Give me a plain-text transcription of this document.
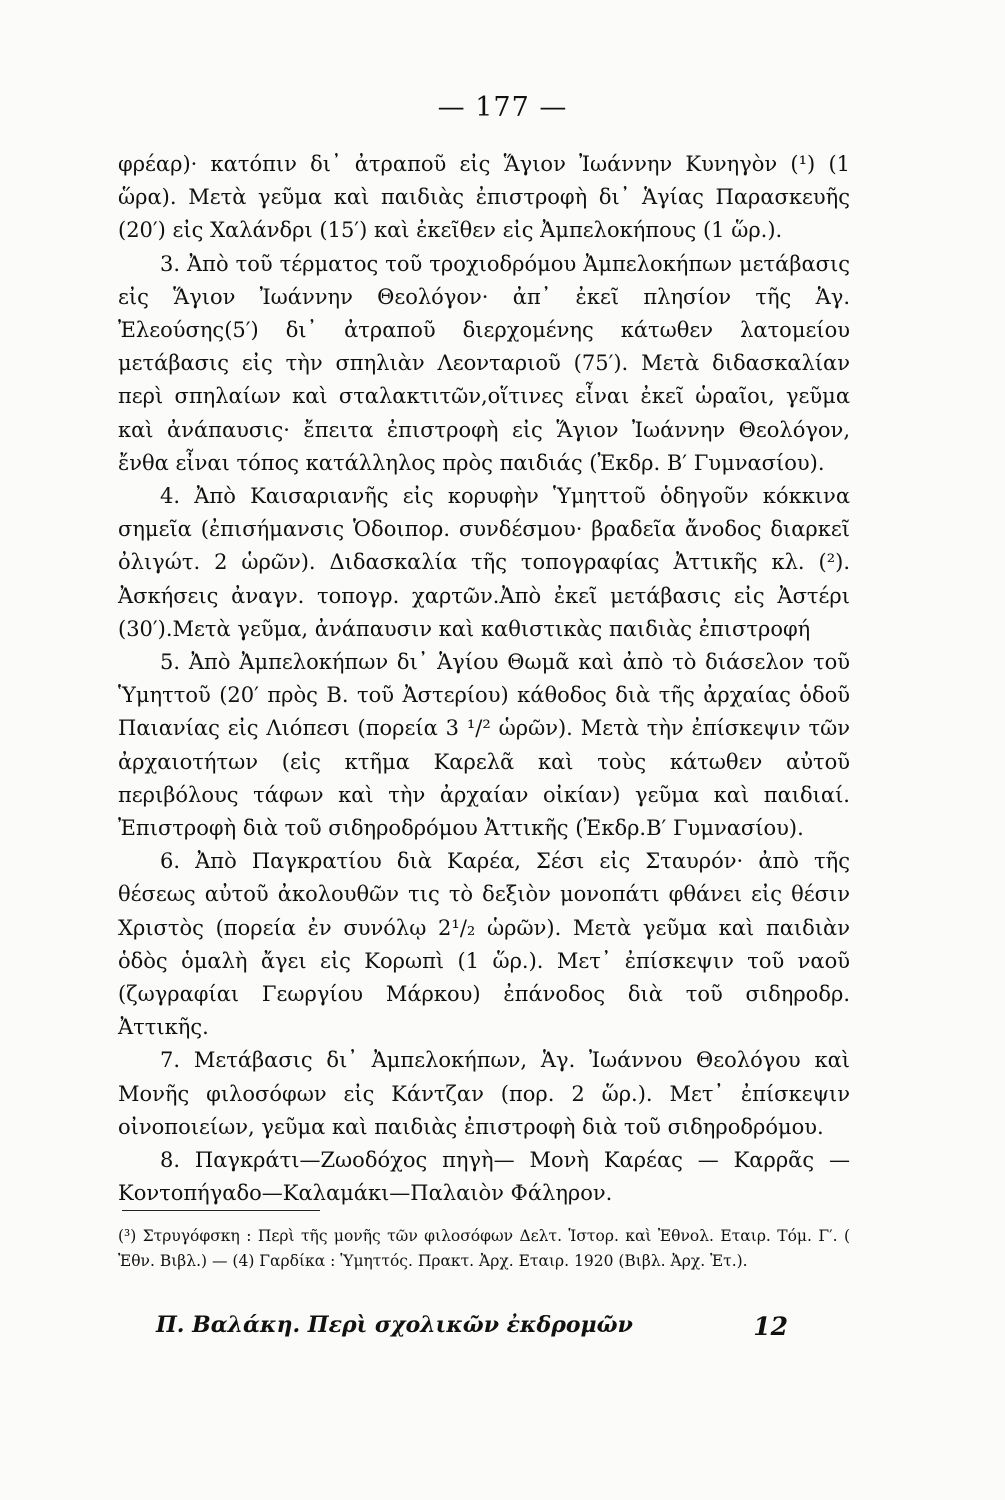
— 177 —

φρέαρ)· κατόπιν δι᾽ ἀτραποῦ εἰς Ἅγιον Ἰωάννην Κυνηγὸν (¹) (1 ὥρα). Μετὰ γεῦμα καὶ παιδιὰς ἐπιστροφὴ δι᾽ Ἁγίας Παρασκευῆς (20′) εἰς Χαλάνδρι (15′) καὶ ἐκεῖθεν εἰς Ἀμπελοκήπους (1 ὥρ.).

3. Ἀπὸ τοῦ τέρματος τοῦ τροχιοδρόμου Ἀμπελοκήπων μετάβασις εἰς Ἅγιον Ἰωάννην Θεολόγον· ἀπ᾽ ἐκεῖ πλησίον τῆς Ἁγ. Ἐλεούσης(5′) δι᾽ ἀτραποῦ διερχομένης κάτωθεν λατομείου μετάβασις εἰς τὴν σπηλιὰν Λεονταριοῦ (75′). Μετὰ διδασκαλίαν περὶ σπηλαίων καὶ σταλακτιτῶν,οἵτινες εἶναι ἐκεῖ ὡραῖοι, γεῦμα καὶ ἀνάπαυσις· ἔπειτα ἐπιστροφὴ εἰς Ἅγιον Ἰωάννην Θεολόγον, ἔνθα εἶναι τόπος κατάλληλος πρὸς παιδιάς (Ἐκδρ. Β′ Γυμνασίου).

4. Ἀπὸ Καισαριανῆς εἰς κορυφὴν Ὑμηττοῦ ὁδηγοῦν κόκκινα σημεῖα (ἐπισήμανσις Ὁδοιπορ. συνδέσμου· βραδεῖα ἄνοδος διαρκεῖ ὀλιγώτ. 2 ὡρῶν). Διδασκαλία τῆς τοπογραφίας Ἀττικῆς κλ. (²). Ἀσκήσεις ἀναγν. τοπογρ. χαρτῶν.Ἀπὸ ἐκεῖ μετάβασις εἰς Ἀστέρι (30′).Μετὰ γεῦμα, ἀνάπαυσιν καὶ καθιστικὰς παιδιὰς ἐπιστροφή

5. Ἀπὸ Ἀμπελοκήπων δι᾽ Ἁγίου Θωμᾶ καὶ ἀπὸ τὸ διάσελον τοῦ Ὑμηττοῦ (20′ πρὸς Β. τοῦ Ἀστερίου) κάθοδος διὰ τῆς ἀρχαίας ὁδοῦ Παιανίας εἰς Λιόπεσι (πορεία 3 ¹/² ὡρῶν). Μετὰ τὴν ἐπίσκεψιν τῶν ἀρχαιοτήτων (εἰς κτῆμα Καρελᾶ καὶ τοὺς κάτωθεν αὐτοῦ περιβόλους τάφων καὶ τὴν ἀρχαίαν οἰκίαν) γεῦμα καὶ παιδιαί. Ἐπιστροφὴ διὰ τοῦ σιδηροδρόμου Ἀττικῆς (Ἐκδρ.Β′ Γυμνασίου).

6. Ἀπὸ Παγκρατίου διὰ Καρέα, Σέσι εἰς Σταυρόν· ἀπὸ τῆς θέσεως αὐτοῦ ἀκολουθῶν τις τὸ δεξιὸν μονοπάτι φθάνει εἰς θέσιν Χριστὸς (πορεία ἐν συνόλῳ 2¹/₂ ὡρῶν). Μετὰ γεῦμα καὶ παιδιὰν ὁδὸς ὁμαλὴ ἄγει εἰς Κορωπὶ (1 ὥρ.). Μετ᾽ ἐπίσκεψιν τοῦ ναοῦ (ζωγραφίαι Γεωργίου Μάρκου) ἐπάνοδος διὰ τοῦ σιδηροδρ. Ἀττικῆς.

7. Μετάβασις δι᾽ Ἀμπελοκήπων, Ἁγ. Ἰωάννου Θεολόγου καὶ Μονῆς φιλοσόφων εἰς Κάντζαν (πορ. 2 ὥρ.). Μετ᾽ ἐπίσκεψιν οἰνοποιείων, γεῦμα καὶ παιδιὰς ἐπιστροφὴ διὰ τοῦ σιδηροδρόμου.

8. Παγκράτι—Ζωοδόχος πηγὴ— Μονὴ Καρέας — Καρρᾶς — Κοντοπήγαδο—Καλαμάκι—Παλαιὸν Φάληρον.

(³) Στρυγόφσκη : Περὶ τῆς μονῆς τῶν φιλοσόφων Δελτ. Ἱστορ. καὶ Ἐθνολ. Εταιρ. Τόμ. Γ′. ( Ἐθν. Βιβλ.) — (4) Γαρδίκα : Ὑμηττός. Πρακτ. Ἀρχ. Εταιρ. 1920 (Βιβλ. Ἀρχ. Ἑτ.).
Π. Βαλάκη. Περὶ σχολικῶν ἐκδρομῶν	12
